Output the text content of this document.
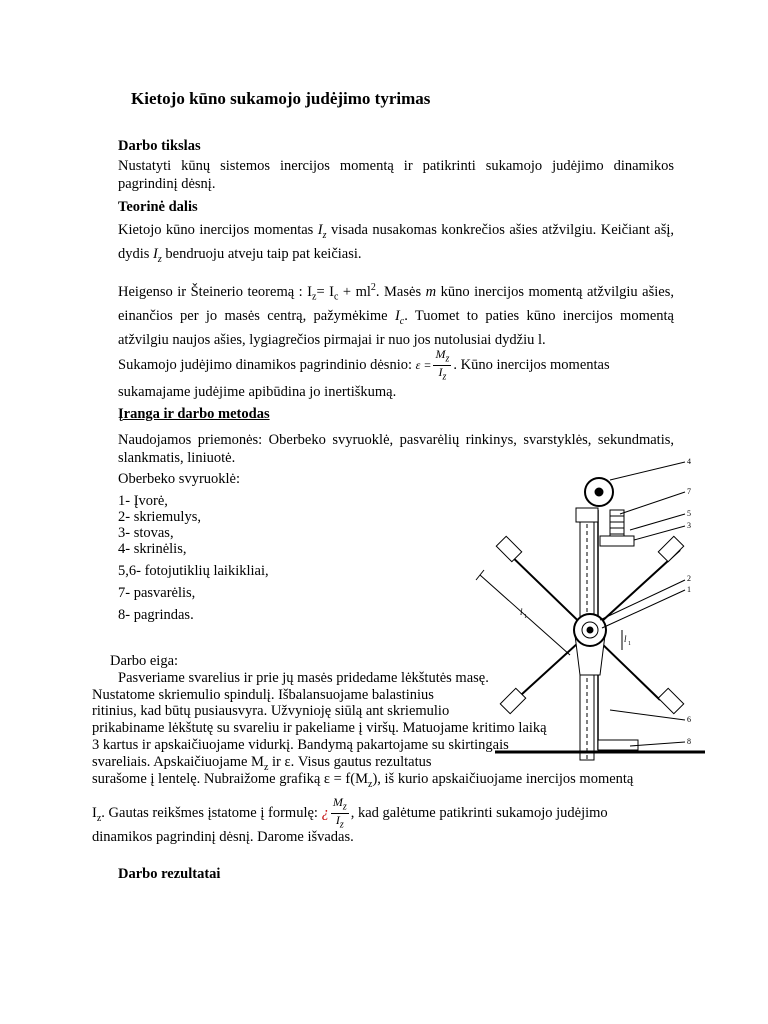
Kietojo kūno sukamojo judėjimo tyrimas
Darbo tikslas
Nustatyti kūnų sistemos inercijos momentą ir patikrinti sukamojo judėjimo dinamikos pagrindinį dėsnį.
Teorinė dalis
Kietojo kūno inercijos momentas $I_z$ visada nusakomas konkrečios ašies atžvilgiu. Keičiant ašį, dydis $I_z$ bendruoju atveju taip pat keičiasi.
Heigenso ir Šteinerio teoremą : $I_z= I_c + ml^2$. Masės m kūno inercijos momentą atžvilgiu ašies, einančios per jo masės centrą, pažymėkime $I_c$. Tuomet to paties kūno inercijos momentą atžvilgiu naujos ašies, lygiagrečios pirmajai ir nuo jos nutolusiai dydžiu l.
Sukamojo judėjimo dinamikos pagrindinio dėsnio: $\varepsilon = \frac{M_z}{I_z}$ . Kūno inercijos momentas
sukamajame judėjime apibūdina jo inertiškumą.
Įranga ir darbo metodas
Naudojamos priemonės: Oberbeko svyruoklė, pasvarėlių rinkinys, svarstyklės, sekundmatis, slankmatis, liniuotė.
Oberbeko svyruoklė:
1- Įvorė,
2- skriemulys,
3- stovas,
4- skrinėlis,
5,6- fotojutiklių laikikliai,
7- pasvarėlis,
8- pagrindas.
4
7
5
3
2
1
6
8
l 1
l 1
Darbo eiga:
Pasveriame svarelius ir prie jų masės pridedame lėkštutės masę.
Nustatome skriemulio spindulį. Išbalansuojame balastinius
ritinius, kad būtų pusiausvyra. Užvynioję siūlą ant skriemulio
prikabiname lėkštutę su svareliu ir pakeliame į viršų. Matuojame kritimo laiką
3 kartus ir apskaičiuojame vidurkį. Bandymą pakartojame su skirtingais
svareliais. Apskaičiuojame $M_z$ ir ε. Visus gautus rezultatus
surašome į lentelę. Nubraižome grafiką $\varepsilon = f(M_z)$, iš kurio apskaičiuojame inercijos momentą
$I_z$. Gautas reikšmes įstatome į formulę: ¿ $\frac{M_z}{I_z}$ , kad galėtume patikrinti sukamojo judėjimo
dinamikos pagrindinį dėsnį. Darome išvadas.
Darbo rezultatai
